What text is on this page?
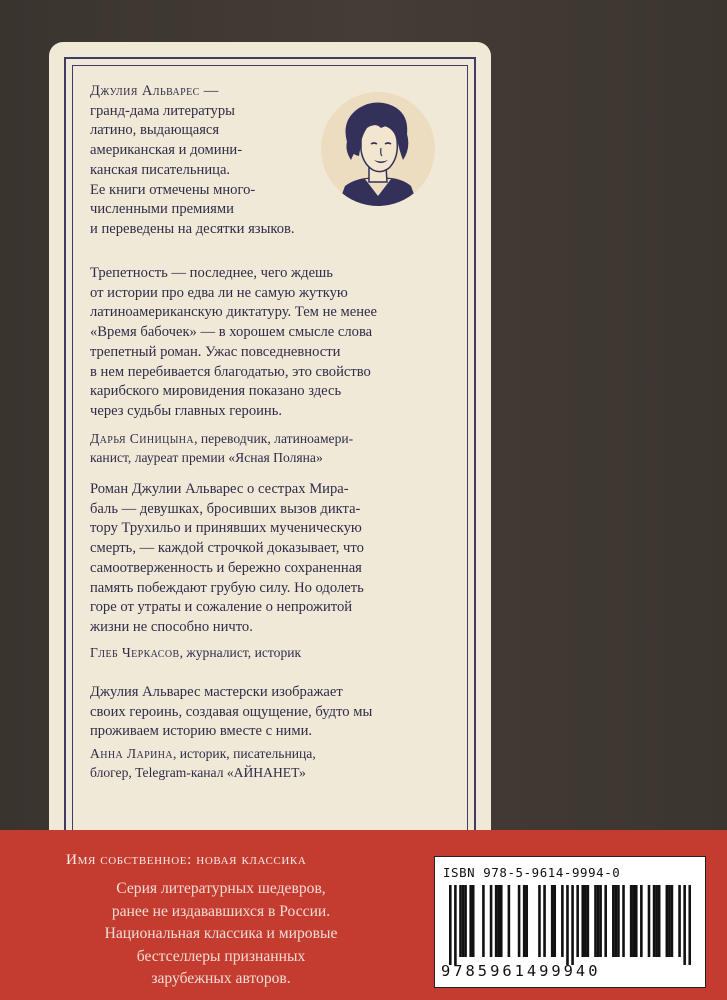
Джулия Альварес —
гранд-дама литературы
латино, выдающаяся
американская и домини-
канская писательница.
Ее книги отмечены много-
численными премиями
и переведены на десятки языков.
Трепетность — последнее, чего ждешь
от истории про едва ли не самую жуткую
латиноамериканскую диктатуру. Тем не менее
«Время бабочек» — в хорошем смысле слова
трепетный роман. Ужас повседневности
в нем перебивается благодатью, это свойство
карибского мировидения показано здесь
через судьбы главных героинь.
Дарья Синицына, переводчик, латиноамери-
канист, лауреат премии «Ясная Поляна»
Роман Джулии Альварес о сестрах Мира-
баль — девушках, бросивших вызов дикта-
тору Трухильо и принявших мученическую
смерть, — каждой строчкой доказывает, что
самоотверженность и бережно сохраненная
память побеждают грубую силу. Но одолеть
горе от утраты и сожаление о непрожитой
жизни не способно ничто.
Глеб Черкасов, журналист, историк
Джулия Альварес мастерски изображает
своих героинь, создавая ощущение, будто мы
проживаем историю вместе с ними.
Анна Ларина, историк, писательница,
блогер, Telegram-канал «АЙНАНЕТ»
Имя собственное: новая классика
Серия литературных шедевров,
ранее не издававшихся в России.
Национальная классика и мировые
бестселлеры признанных
зарубежных авторов.
ISBN 978-5-9614-9994-0
9785961499940
